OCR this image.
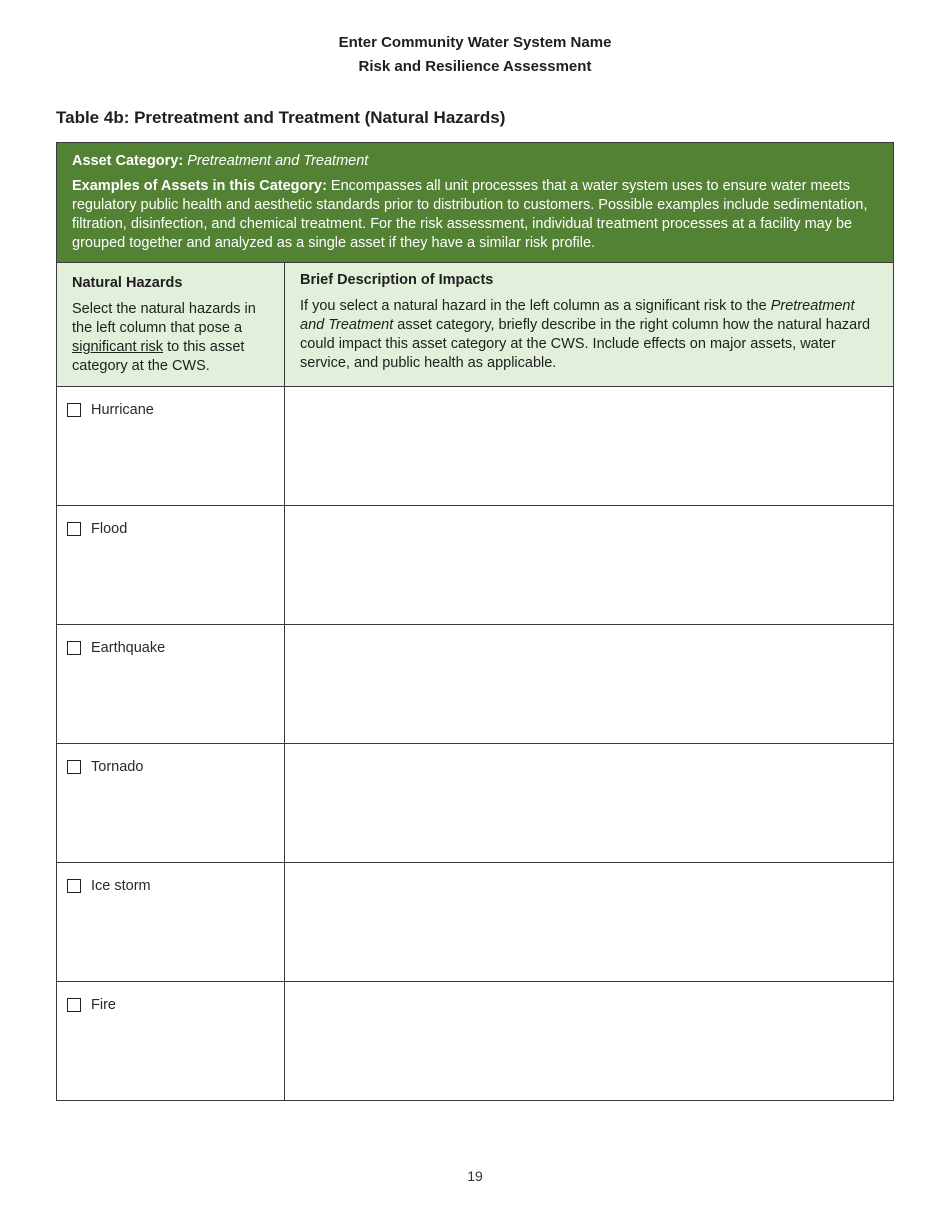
Enter Community Water System Name
Risk and Resilience Assessment
Table 4b: Pretreatment and Treatment (Natural Hazards)

Asset Category: Pretreatment and Treatment

Examples of Assets in this Category: Encompasses all unit processes that a water system uses to ensure water meets regulatory public health and aesthetic standards prior to distribution to customers. Possible examples include sedimentation, filtration, disinfection, and chemical treatment. For the risk assessment, individual treatment processes at a facility may be grouped together and analyzed as a single asset if they have a similar risk profile.

Natural Hazards

Select the natural hazards in the left column that pose a significant risk to this asset category at the CWS.

Brief Description of Impacts

If you select a natural hazard in the left column as a significant risk to the Pretreatment and Treatment asset category, briefly describe in the right column how the natural hazard could impact this asset category at the CWS. Include effects on major assets, water service, and public health as applicable.

Hurricane
Flood
Earthquake
Tornado
Ice storm
Fire
19
